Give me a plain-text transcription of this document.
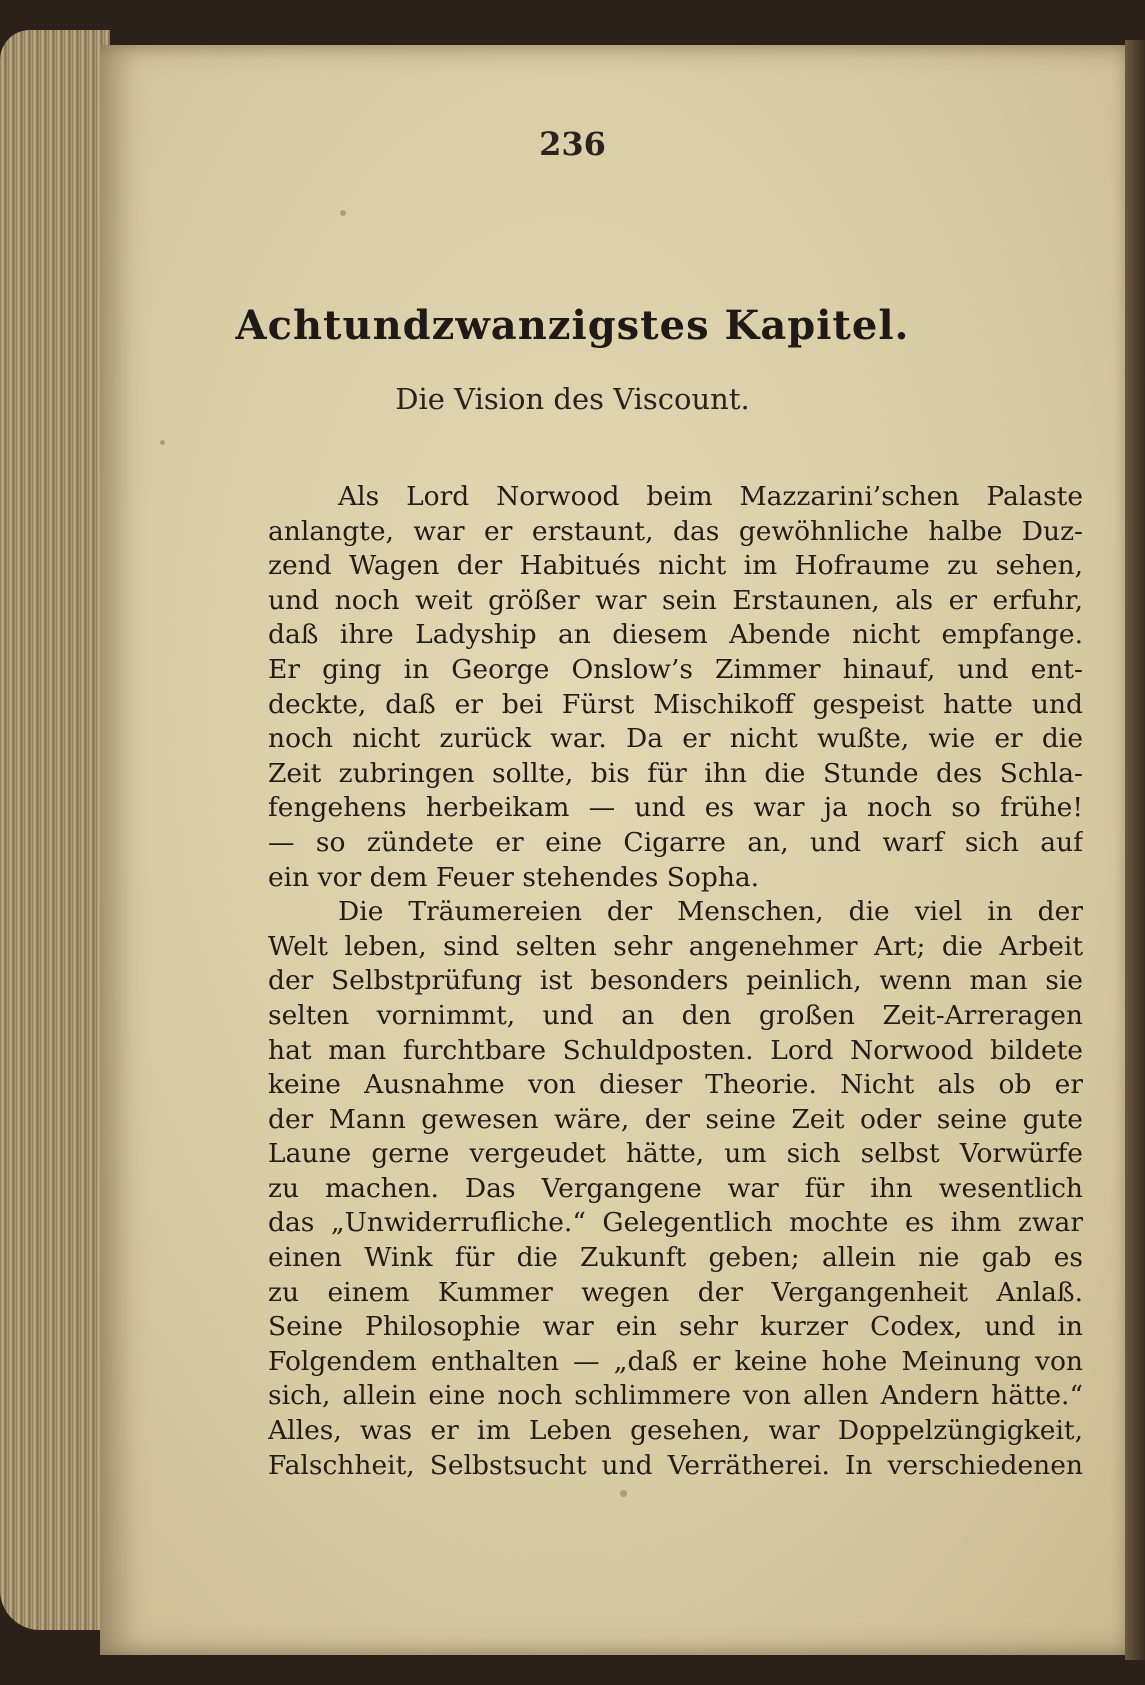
236
Achtundzwanzigstes Kapitel.
Die Vision des Viscount.
Als Lord Norwood beim Mazzarini’schen Palaste
anlangte, war er erstaunt, das gewöhnliche halbe Duz-
zend Wagen der Habitués nicht im Hofraume zu sehen,
und noch weit größer war sein Erstaunen, als er erfuhr,
daß ihre Ladyship an diesem Abende nicht empfange.
Er ging in George Onslow’s Zimmer hinauf, und ent-
deckte, daß er bei Fürst Mischikoff gespeist hatte und
noch nicht zurück war. Da er nicht wußte, wie er die
Zeit zubringen sollte, bis für ihn die Stunde des Schla-
fengehens herbeikam — und es war ja noch so frühe!
— so zündete er eine Cigarre an, und warf sich auf
ein vor dem Feuer stehendes Sopha.
Die Träumereien der Menschen, die viel in der
Welt leben, sind selten sehr angenehmer Art; die Arbeit
der Selbstprüfung ist besonders peinlich, wenn man sie
selten vornimmt, und an den großen Zeit-Arreragen
hat man furchtbare Schuldposten. Lord Norwood bildete
keine Ausnahme von dieser Theorie. Nicht als ob er
der Mann gewesen wäre, der seine Zeit oder seine gute
Laune gerne vergeudet hätte, um sich selbst Vorwürfe
zu machen. Das Vergangene war für ihn wesentlich
das „Unwiderrufliche.“ Gelegentlich mochte es ihm zwar
einen Wink für die Zukunft geben; allein nie gab es
zu einem Kummer wegen der Vergangenheit Anlaß.
Seine Philosophie war ein sehr kurzer Codex, und in
Folgendem enthalten — „daß er keine hohe Meinung von
sich, allein eine noch schlimmere von allen Andern hätte.“
Alles, was er im Leben gesehen, war Doppelzüngigkeit,
Falschheit, Selbstsucht und Verrätherei. In verschiedenen
